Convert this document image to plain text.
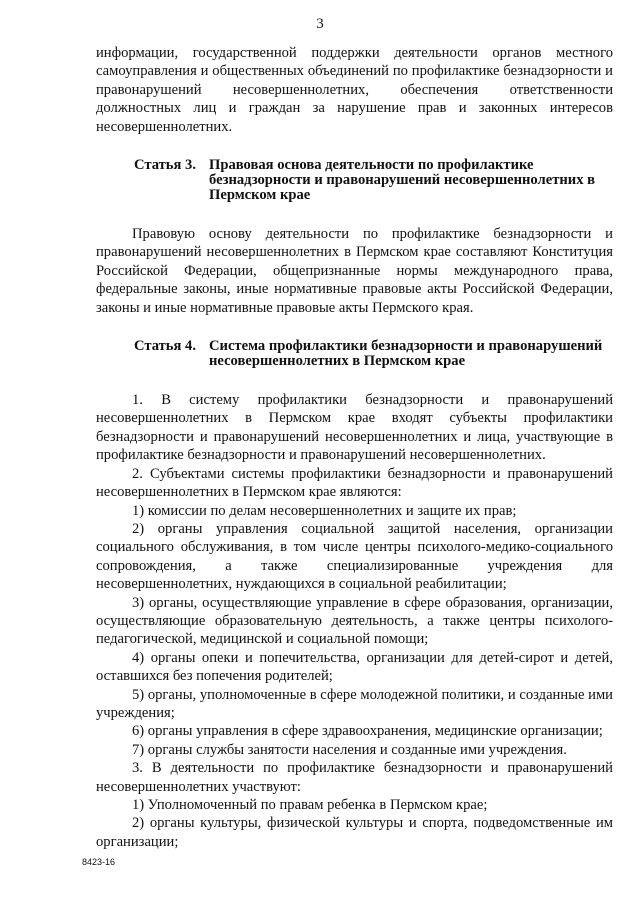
3

информации, государственной поддержки деятельности органов местного самоуправления и общественных объединений по профилактике безнадзорности и правонарушений несовершеннолетних, обеспечения ответственности должностных лиц и граждан за нарушение прав и законных интересов несовершеннолетних.

Статья 3. Правовая основа деятельности по профилактике безнадзорности и правонарушений несовершеннолетних в Пермском крае

Правовую основу деятельности по профилактике безнадзорности и правонарушений несовершеннолетних в Пермском крае составляют Конституция Российской Федерации, общепризнанные нормы международного права, федеральные законы, иные нормативные правовые акты Российской Федерации, законы и иные нормативные правовые акты Пермского края.

Статья 4. Система профилактики безнадзорности и правонарушений несовершеннолетних в Пермском крае

1. В систему профилактики безнадзорности и правонарушений несовершеннолетних в Пермском крае входят субъекты профилактики безнадзорности и правонарушений несовершеннолетних и лица, участвующие в профилактике безнадзорности и правонарушений несовершеннолетних.

2. Субъектами системы профилактики безнадзорности и правонарушений несовершеннолетних в Пермском крае являются:

1) комиссии по делам несовершеннолетних и защите их прав;

2) органы управления социальной защитой населения, организации социального обслуживания, в том числе центры психолого-медико-социального сопровождения, а также специализированные учреждения для несовершеннолетних, нуждающихся в социальной реабилитации;

3) органы, осуществляющие управление в сфере образования, организации, осуществляющие образовательную деятельность, а также центры психолого-педагогической, медицинской и социальной помощи;

4) органы опеки и попечительства, организации для детей-сирот и детей, оставшихся без попечения родителей;

5) органы, уполномоченные в сфере молодежной политики, и созданные ими учреждения;

6) органы управления в сфере здравоохранения, медицинские организации;

7) органы службы занятости населения и созданные ими учреждения.

3. В деятельности по профилактике безнадзорности и правонарушений несовершеннолетних участвуют:

1) Уполномоченный по правам ребенка в Пермском крае;

2) органы культуры, физической культуры и спорта, подведомственные им организации;

8423-16
